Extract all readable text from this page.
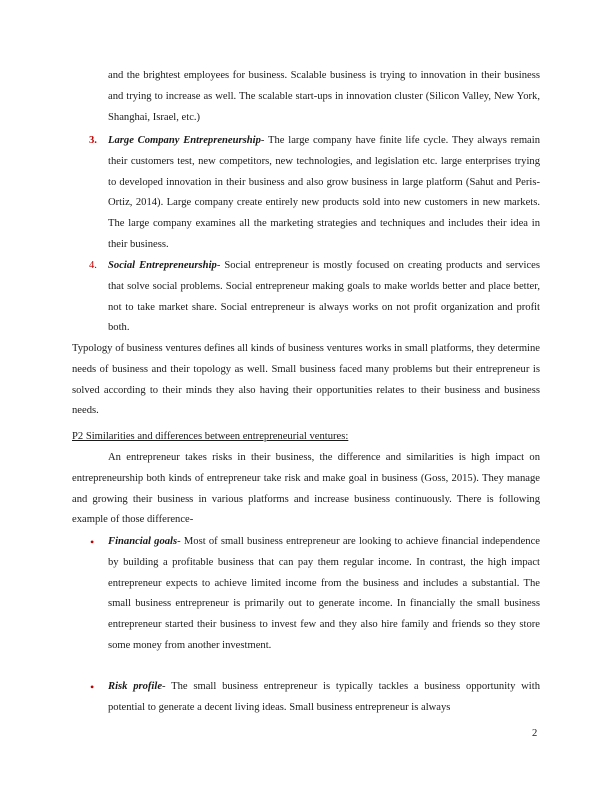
and the brightest employees for business. Scalable business is trying to innovation in their business and trying to increase as well. The scalable start-ups in innovation cluster (Silicon Valley, New York, Shanghai, Israel, etc.)

3. Large Company Entrepreneurship- The large company have finite life cycle. They always remain their customers test, new competitors, new technologies, and legislation etc. large enterprises trying to developed innovation in their business and also grow business in large platform (Sahut and Peris-Ortiz, 2014). Large company create entirely new products sold into new customers in new markets. The large company examines all the marketing strategies and techniques and includes their idea in their business.

4. Social Entrepreneurship- Social entrepreneur is mostly focused on creating products and services that solve social problems. Social entrepreneur making goals to make worlds better and place better, not to take market share. Social entrepreneur is always works on not profit organization and profit both.

Typology of business ventures defines all kinds of business ventures works in small platforms, they determine needs of business and their topology as well. Small business faced many problems but their entrepreneur is solved according to their minds they also having their opportunities relates to their business and business needs.

P2 Similarities and differences between entrepreneurial ventures:

An entrepreneur takes risks in their business, the difference and similarities is high impact on entrepreneurship both kinds of entrepreneur take risk and make goal in business (Goss, 2015). They manage and growing their business in various platforms and increase business continuously. There is following example of those difference-

• Financial goals- Most of small business entrepreneur are looking to achieve financial independence by building a profitable business that can pay them regular income. In contrast, the high impact entrepreneur expects to achieve limited income from the business and includes a substantial. The small business entrepreneur is primarily out to generate income. In financially the small business entrepreneur started their business to invest few and they also hire family and friends so they store some money from another investment.

• Risk profile- The small business entrepreneur is typically tackles a business opportunity with potential to generate a decent living ideas. Small business entrepreneur is always

2
